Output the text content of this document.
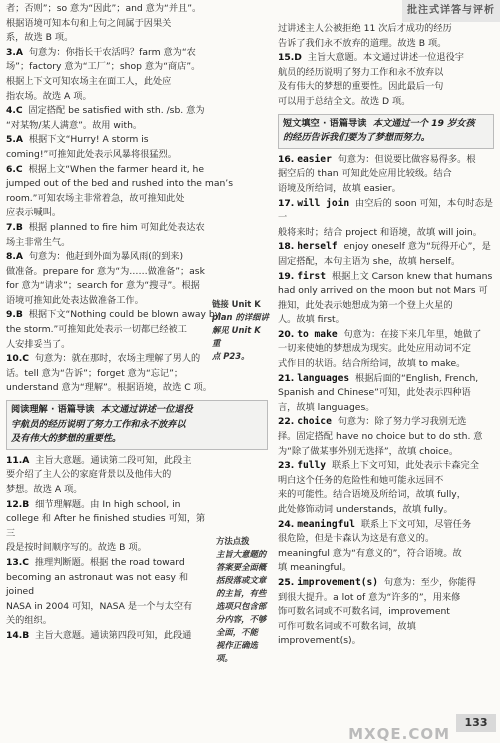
批注式详答与评析

者；否则”；so 意为“因此”；and 意为“并且”。

根据语境可知本句和上句之间属于因果关

系，故选 B 项。

3.A 句意为：你指长干农活吗？farm 意为“农

场”；factory 意为“工厂”；shop 意为“商店”。

根据上下文可知农场主在面工人，此处应

指农场。故选 A 项。

4.C 固定搭配 be satisfied with sth. /sb. 意为

“对某物/某人满意”。故用 with。

5.A 根据下文“Hurry! A storm is

coming!”可推知此处表示风暴将很猛烈。

6.C 根据上文“When the farmer heard it, he

jumped out of the bed and rushed into the man’s

room.”可知农场主非常着急，故可推知此处

应表示喊叫。

7.B 根据 planned to fire him 可知此处表达农

场主非常生气。

8.A 句意为：他赶到外面为暴风雨(的到来)

做准备。prepare for 意为“为……做准备”；ask

for 意为“请求”；search for 意为“搜寻”。根据

语境可推知此处表达做准备工作。

9.B 根据下文“Nothing could be blown away by

the storm.”可推知此处表示一切都已经被工

人安排妥当了。

10.C 句意为：就在那时，农场主理解了男人的

话。tell 意为“告诉”；forget 意为“忘记”；

understand 意为“理解”。根据语境，故选 C 项。

阅读理解 · 语篇导读 本文通过讲述一位退役

宇航员的经历说明了努力工作和永不放弃以

及有伟大的梦想的重要性。

11.A 主旨大意题。通读第二段可知，此段主

要介绍了主人公的家庭背景以及他伟大的

梦想。故选 A 项。

12.B 细节理解题。由 In high school, in

college 和 After he finished studies 可知，第三

段是按时间顺序写的。故选 B 项。

13.C 推理判断题。根据 the road toward

becoming an astronaut was not easy 和 joined

NASA in 2004 可知，NASA 是一个与太空有

关的组织。

14.B 主旨大意题。通读第四段可知，此段通

链接 Unit K
plan 的详细讲
解见 Unit K 重
点 P23。
方法点拨
主旨大意题的
答案要全面概
括段落或文章
的主旨，有些
选项只包含部
分内容，不够
全面，不能
视作正确选
项。

过讲述主人公被拒绝 11 次后才成功的经历

告诉了我们永不放弃的道理。故选 B 项。

15.D 主旨大意题。本文通过讲述一位退役宇

航员的经历说明了努力工作和永不放弃以

及有伟大的梦想的重要性。因此最后一句

可以用于总结全文。故选 D 项。

短文填空 · 语篇导读 本文通过一个 19 岁女孩

的经历告诉我们要为了梦想而努力。

16. easier 句意为：但说要比做容易得多。根

据空后的 than 可知此处应用比较级。结合

语境及所给词，故填 easier。

17. will join 由空后的 soon 可知，本句时态是一

般将来时；结合 project 和语境，故填 will join。

18. herself enjoy oneself 意为“玩得开心”，是

固定搭配，本句主语为 she，故填 herself。

19. first 根据上文 Carson knew that humans

had only arrived on the moon but not Mars 可

推知，此处表示她想成为第一个登上火星的

人。故填 first。

20. to make 句意为：在接下来几年里，她做了

一切来使她的梦想成为现实。此处应用动词不定

式作目的状语。结合所给词，故填 to make。

21. languages 根据后面的“English, French,

Spanish and Chinese”可知，此处表示四种语

言，故填 languages。

22. choice 句意为：除了努力学习我别无选

择。固定搭配 have no choice but to do sth. 意

为“除了做某事外别无选择”，故填 choice。

23. fully 联系上下文可知，此处表示卡森完全

明白这个任务的危险性和她可能永远回不

来的可能性。结合语境及所给词，故填 fully，

此处修饰动词 understands，故填 fully。

24. meaningful 联系上下文可知，尽管任务

很危险，但是卡森认为这是有意义的。

meaningful 意为“有意义的”，符合语境。故

填 meaningful。

25. improvement(s) 句意为：至少，你能得

到很大提升。a lot of 意为“许多的”，用来修

饰可数名词或不可数名词，improvement

可作可数名词或不可数名词，故填

improvement(s)。

133
MXQE.COM
